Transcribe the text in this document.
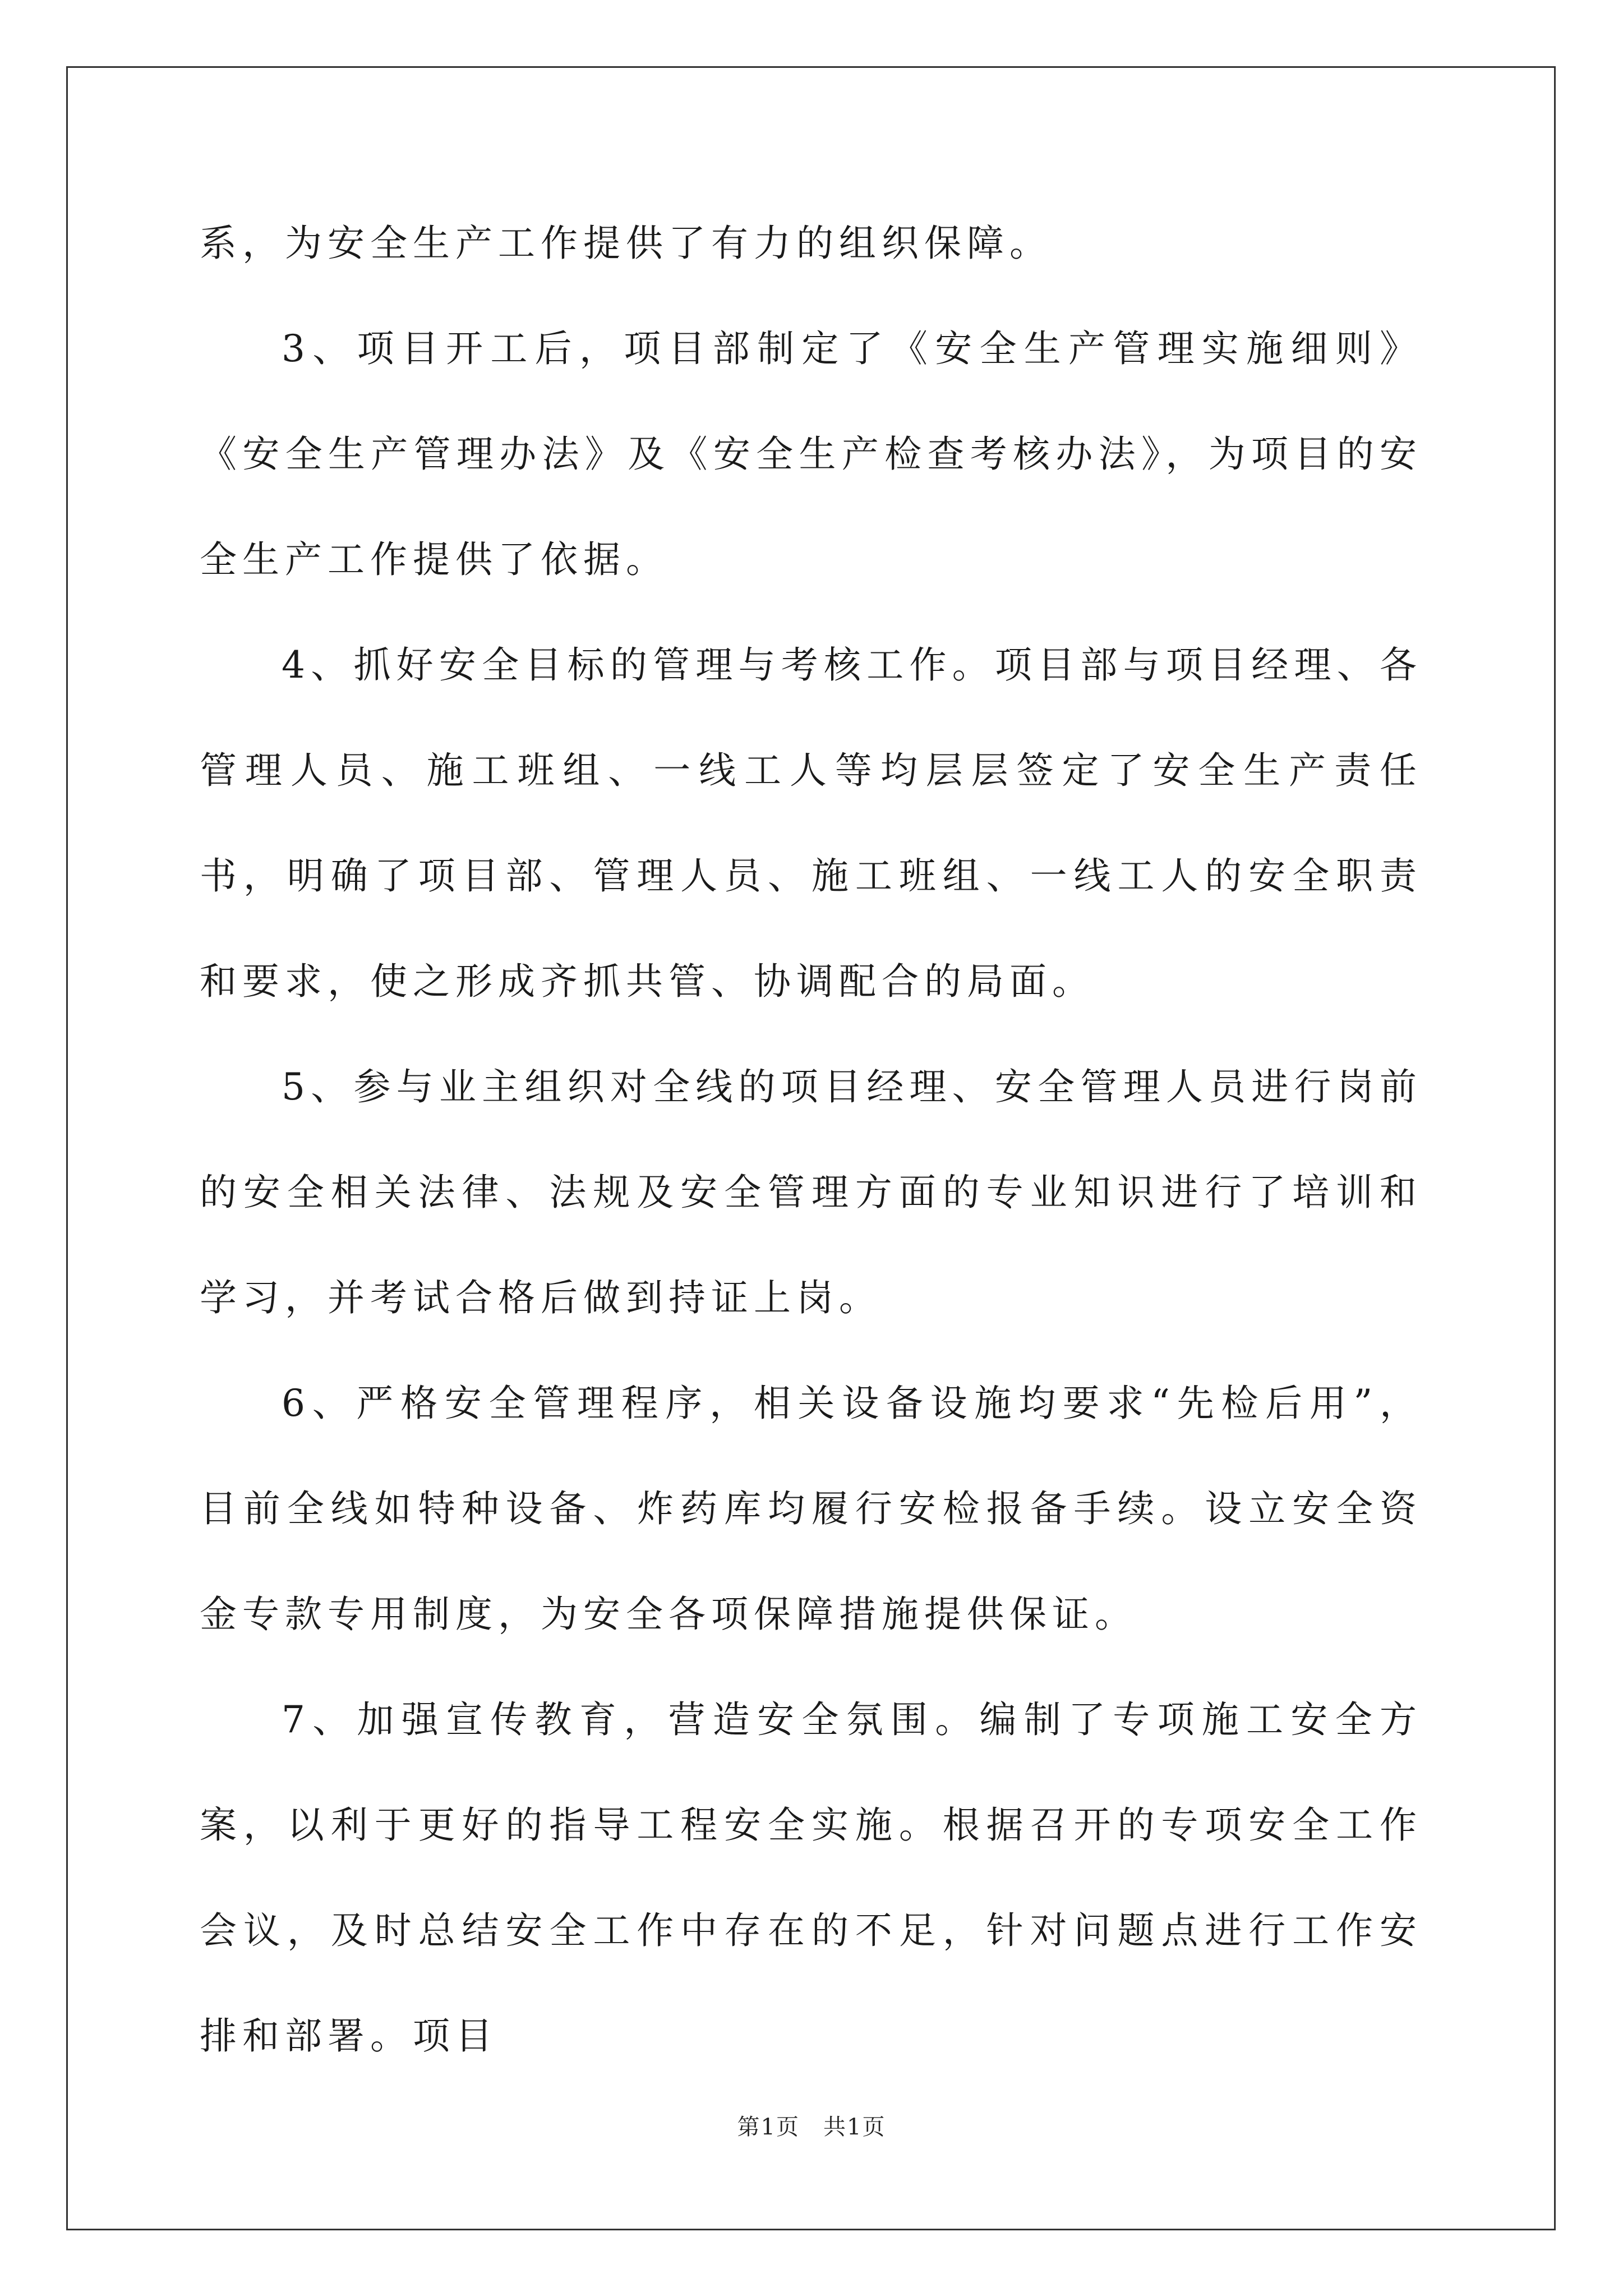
系，为安全生产工作提供了有力的组织保障。

3、项目开工后，项目部制定了《安全生产管理实施细则》《安全生产管理办法》及《安全生产检查考核办法》，为项目的安全生产工作提供了依据。

4、抓好安全目标的管理与考核工作。项目部与项目经理、各管理人员、施工班组、一线工人等均层层签定了安全生产责任书，明确了项目部、管理人员、施工班组、一线工人的安全职责和要求，使之形成齐抓共管、协调配合的局面。

5、参与业主组织对全线的项目经理、安全管理人员进行岗前的安全相关法律、法规及安全管理方面的专业知识进行了培训和学习，并考试合格后做到持证上岗。

6、严格安全管理程序，相关设备设施均要求“先检后用”，目前全线如特种设备、炸药库均履行安检报备手续。设立安全资金专款专用制度，为安全各项保障措施提供保证。

7、加强宣传教育，营造安全氛围。编制了专项施工安全方案，以利于更好的指导工程安全实施。根据召开的专项安全工作会议，及时总结安全工作中存在的不足，针对问题点进行工作安排和部署。项目

第1页　共1页
